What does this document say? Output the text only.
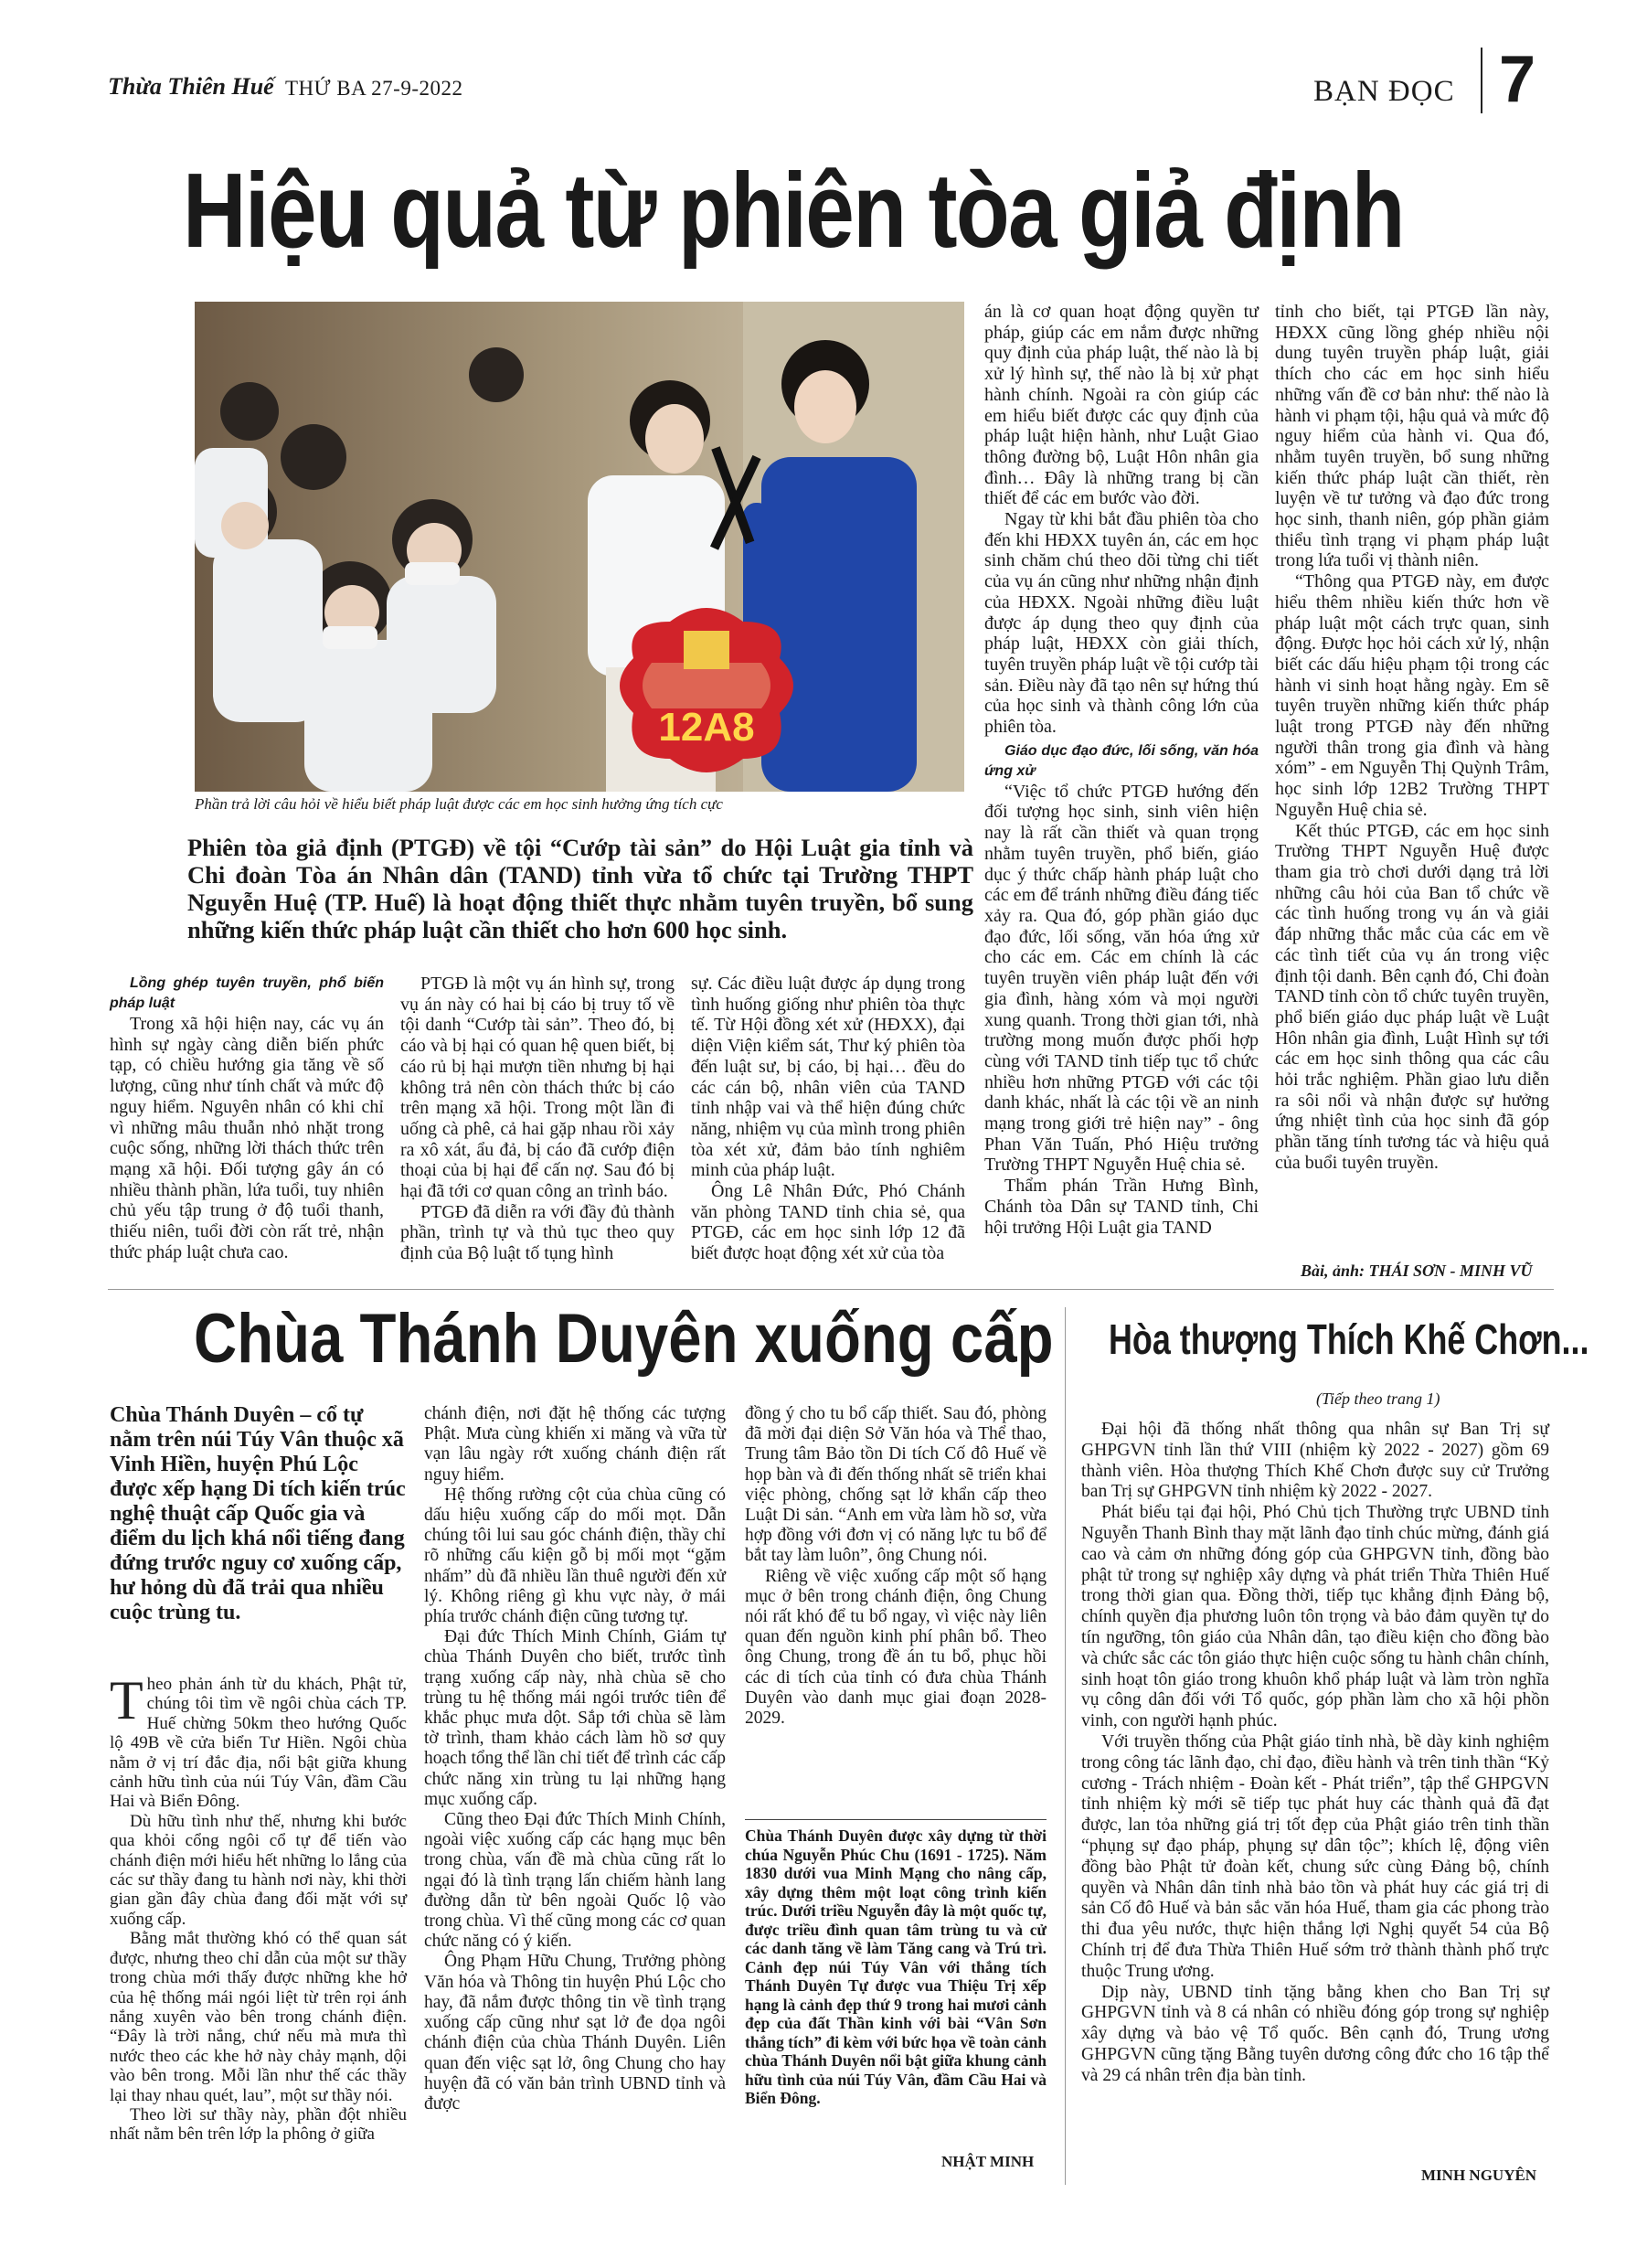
Thừa Thiên Huế THỨ BA 27-9-2022	BẠN ĐỌC 7
Hiệu quả từ phiên tòa giả định
12A8
Phần trả lời câu hỏi về hiểu biết pháp luật được các em học sinh hưởng ứng tích cực
Phiên tòa giả định (PTGĐ) về tội “Cướp tài sản” do Hội Luật gia tỉnh và Chi đoàn Tòa án Nhân dân (TAND) tỉnh vừa tổ chức tại Trường THPT Nguyễn Huệ (TP. Huế) là hoạt động thiết thực nhằm tuyên truyền, bổ sung những kiến thức pháp luật cần thiết cho hơn 600 học sinh.

Lồng ghép tuyên truyền, phổ biến pháp luật

Trong xã hội hiện nay, các vụ án hình sự ngày càng diễn biến phức tạp, có chiều hướng gia tăng về số lượng, cũng như tính chất và mức độ nguy hiểm. Nguyên nhân có khi chỉ vì những mâu thuẫn nhỏ nhặt trong cuộc sống, những lời thách thức trên mạng xã hội. Đối tượng gây án có nhiều thành phần, lứa tuổi, tuy nhiên chủ yếu tập trung ở độ tuổi thanh, thiếu niên, tuổi đời còn rất trẻ, nhận thức pháp luật chưa cao.

PTGĐ là một vụ án hình sự, trong vụ án này có hai bị cáo bị truy tố về tội danh “Cướp tài sản”. Theo đó, bị cáo và bị hại có quan hệ quen biết, bị cáo rủ bị hại mượn tiền nhưng bị hại không trả nên còn thách thức bị cáo trên mạng xã hội. Trong một lần đi uống cà phê, cả hai gặp nhau rồi xảy ra xô xát, ẩu đả, bị cáo đã cướp điện thoại của bị hại để cấn nợ. Sau đó bị hại đã tới cơ quan công an trình báo.

PTGĐ đã diễn ra với đầy đủ thành phần, trình tự và thủ tục theo quy định của Bộ luật tố tụng hình

sự. Các điều luật được áp dụng trong tình huống giống như phiên tòa thực tế. Từ Hội đồng xét xử (HĐXX), đại diện Viện kiểm sát, Thư ký phiên tòa đến luật sư, bị cáo, bị hại… đều do các cán bộ, nhân viên của TAND tỉnh nhập vai và thể hiện đúng chức năng, nhiệm vụ của mình trong phiên tòa xét xử, đảm bảo tính nghiêm minh của pháp luật.

Ông Lê Nhân Đức, Phó Chánh văn phòng TAND tỉnh chia sẻ, qua PTGĐ, các em học sinh lớp 12 đã biết được hoạt động xét xử của tòa

án là cơ quan hoạt động quyền tư pháp, giúp các em nắm được những quy định của pháp luật, thế nào là bị xử lý hình sự, thế nào là bị xử phạt hành chính. Ngoài ra còn giúp các em hiểu biết được các quy định của pháp luật hiện hành, như Luật Giao thông đường bộ, Luật Hôn nhân gia đình… Đây là những trang bị cần thiết để các em bước vào đời.

Ngay từ khi bắt đầu phiên tòa cho đến khi HĐXX tuyên án, các em học sinh chăm chú theo dõi từng chi tiết của vụ án cũng như những nhận định của HĐXX. Ngoài những điều luật được áp dụng theo quy định của pháp luật, HĐXX còn giải thích, tuyên truyền pháp luật về tội cướp tài sản. Điều này đã tạo nên sự hứng thú của học sinh và thành công lớn của phiên tòa.

Giáo dục đạo đức, lối sống, văn hóa ứng xử

“Việc tổ chức PTGĐ hướng đến đối tượng học sinh, sinh viên hiện nay là rất cần thiết và quan trọng nhằm tuyên truyền, phổ biến, giáo dục ý thức chấp hành pháp luật cho các em để tránh những điều đáng tiếc xảy ra. Qua đó, góp phần giáo dục đạo đức, lối sống, văn hóa ứng xử cho các em. Các em chính là các tuyên truyền viên pháp luật đến với gia đình, hàng xóm và mọi người xung quanh. Trong thời gian tới, nhà trường mong muốn được phối hợp cùng với TAND tỉnh tiếp tục tổ chức nhiều hơn những PTGĐ với các tội danh khác, nhất là các tội về an ninh mạng trong giới trẻ hiện nay” - ông Phan Văn Tuấn, Phó Hiệu trưởng Trường THPT Nguyễn Huệ chia sẻ.

Thẩm phán Trần Hưng Bình, Chánh tòa Dân sự TAND tỉnh, Chi hội trưởng Hội Luật gia TAND

tỉnh cho biết, tại PTGĐ lần này, HĐXX cũng lồng ghép nhiều nội dung tuyên truyền pháp luật, giải thích cho các em học sinh hiểu những vấn đề cơ bản như: thế nào là hành vi phạm tội, hậu quả và mức độ nguy hiểm của hành vi. Qua đó, nhằm tuyên truyền, bổ sung những kiến thức pháp luật cần thiết, rèn luyện về tư tưởng và đạo đức trong học sinh, thanh niên, góp phần giảm thiểu tình trạng vi phạm pháp luật trong lứa tuổi vị thành niên.

“Thông qua PTGĐ này, em được hiểu thêm nhiều kiến thức hơn về pháp luật một cách trực quan, sinh động. Được học hỏi cách xử lý, nhận biết các dấu hiệu phạm tội trong các hành vi sinh hoạt hằng ngày. Em sẽ tuyên truyền những kiến thức pháp luật trong PTGĐ này đến những người thân trong gia đình và hàng xóm” - em Nguyễn Thị Quỳnh Trâm, học sinh lớp 12B2 Trường THPT Nguyễn Huệ chia sẻ.

Kết thúc PTGĐ, các em học sinh Trường THPT Nguyễn Huệ được tham gia trò chơi dưới dạng trả lời những câu hỏi của Ban tổ chức về các tình huống trong vụ án và giải đáp những thắc mắc của các em về các tình tiết của vụ án trong việc định tội danh. Bên cạnh đó, Chi đoàn TAND tỉnh còn tổ chức tuyên truyền, phổ biến giáo dục pháp luật về Luật Hôn nhân gia đình, Luật Hình sự tới các em học sinh thông qua các câu hỏi trắc nghiệm. Phần giao lưu diễn ra sôi nổi và nhận được sự hưởng ứng nhiệt tình của học sinh đã góp phần tăng tính tương tác và hiệu quả của buổi tuyên truyền.

Bài, ảnh: THÁI SƠN - MINH VŨ
Chùa Thánh Duyên xuống cấp
Chùa Thánh Duyên – cổ tự nằm trên núi Túy Vân thuộc xã Vinh Hiền, huyện Phú Lộc được xếp hạng Di tích kiến trúc nghệ thuật cấp Quốc gia và điểm du lịch khá nổi tiếng đang đứng trước nguy cơ xuống cấp, hư hỏng dù đã trải qua nhiều cuộc trùng tu.

Theo phản ánh từ du khách, Phật tử, chúng tôi tìm về ngôi chùa cách TP. Huế chừng 50km theo hướng Quốc lộ 49B về cửa biển Tư Hiền. Ngôi chùa nằm ở vị trí đắc địa, nổi bật giữa khung cảnh hữu tình của núi Túy Vân, đầm Cầu Hai và Biển Đông.

Dù hữu tình như thế, nhưng khi bước qua khỏi cổng ngôi cổ tự để tiến vào chánh điện mới hiểu hết những lo lắng của các sư thầy đang tu hành nơi này, khi thời gian gần đây chùa đang đối mặt với sự xuống cấp.

Bằng mắt thường khó có thể quan sát được, nhưng theo chỉ dẫn của một sư thầy trong chùa mới thấy được những khe hở của hệ thống mái ngói liệt từ trên rọi ánh nắng xuyên vào bên trong chánh điện. “Đây là trời nắng, chứ nếu mà mưa thì nước theo các khe hở này chảy mạnh, dội vào bên trong. Mỗi lần như thế các thầy lại thay nhau quét, lau”, một sư thầy nói.

Theo lời sư thầy này, phần đột nhiều nhất nằm bên trên lớp la phông ở giữa

chánh điện, nơi đặt hệ thống các tượng Phật. Mưa cùng khiến xi măng và vữa từ vạn lâu ngày rớt xuống chánh điện rất nguy hiểm.

Hệ thống rường cột của chùa cũng có dấu hiệu xuống cấp do mối mọt. Dẫn chúng tôi lui sau góc chánh điện, thầy chỉ rõ những cấu kiện gỗ bị mối mọt “gặm nhấm” dù đã nhiều lần thuê người đến xử lý. Không riêng gì khu vực này, ở mái phía trước chánh điện cũng tương tự.

Đại đức Thích Minh Chính, Giám tự chùa Thánh Duyên cho biết, trước tình trạng xuống cấp này, nhà chùa sẽ cho trùng tu hệ thống mái ngói trước tiên để khắc phục mưa dột. Sắp tới chùa sẽ làm tờ trình, tham khảo cách làm hồ sơ quy hoạch tổng thể lần chỉ tiết để trình các cấp chức năng xin trùng tu lại những hạng mục xuống cấp.

Cũng theo Đại đức Thích Minh Chính, ngoài việc xuống cấp các hạng mục bên trong chùa, vấn đề mà chùa cũng rất lo ngại đó là tình trạng lấn chiếm hành lang đường dẫn từ bên ngoài Quốc lộ vào trong chùa. Vì thế cũng mong các cơ quan chức năng có ý kiến.

Ông Phạm Hữu Chung, Trưởng phòng Văn hóa và Thông tin huyện Phú Lộc cho hay, đã nắm được thông tin về tình trạng xuống cấp cũng như sạt lở đe dọa ngôi chánh điện của chùa Thánh Duyên. Liên quan đến việc sạt lở, ông Chung cho hay huyện đã có văn bản trình UBND tỉnh và được

đồng ý cho tu bổ cấp thiết. Sau đó, phòng đã mời đại diện Sở Văn hóa và Thể thao, Trung tâm Bảo tồn Di tích Cố đô Huế về họp bàn và đi đến thống nhất sẽ triển khai việc phòng, chống sạt lở khẩn cấp theo Luật Di sản. “Anh em vừa làm hồ sơ, vừa hợp đồng với đơn vị có năng lực tu bổ để bắt tay làm luôn”, ông Chung nói.

Riêng về việc xuống cấp một số hạng mục ở bên trong chánh điện, ông Chung nói rất khó để tu bổ ngay, vì việc này liên quan đến nguồn kinh phí phân bổ. Theo ông Chung, trong đề án tu bổ, phục hồi các di tích của tỉnh có đưa chùa Thánh Duyên vào danh mục giai đoạn 2028-2029.

Chùa Thánh Duyên được xây dựng từ thời chúa Nguyễn Phúc Chu (1691 - 1725). Năm 1830 dưới vua Minh Mạng cho nâng cấp, xây dựng thêm một loạt công trình kiến trúc. Dưới triều Nguyễn đây là một quốc tự, được triều đình quan tâm trùng tu và cử các danh tăng về làm Tăng cang và Trú trì. Cảnh đẹp núi Túy Vân với thắng tích Thánh Duyên Tự được vua Thiệu Trị xếp hạng là cảnh đẹp thứ 9 trong hai mươi cảnh đẹp của đất Thần kinh với bài “Vân Sơn thắng tích” đi kèm với bức họa về toàn cảnh chùa Thánh Duyên nổi bật giữa khung cảnh hữu tình của núi Túy Vân, đầm Cầu Hai và Biển Đông.
NHẬT MINH
Hòa thượng Thích Khế Chơn...
(Tiếp theo trang 1)

Đại hội đã thống nhất thông qua nhân sự Ban Trị sự GHPGVN tỉnh lần thứ VIII (nhiệm kỳ 2022 - 2027) gồm 69 thành viên. Hòa thượng Thích Khế Chơn được suy cử Trưởng ban Trị sự GHPGVN tỉnh nhiệm kỳ 2022 - 2027.

Phát biểu tại đại hội, Phó Chủ tịch Thường trực UBND tỉnh Nguyễn Thanh Bình thay mặt lãnh đạo tỉnh chúc mừng, đánh giá cao và cảm ơn những đóng góp của GHPGVN tỉnh, đồng bào phật tử trong sự nghiệp xây dựng và phát triển Thừa Thiên Huế trong thời gian qua. Đồng thời, tiếp tục khẳng định Đảng bộ, chính quyền địa phương luôn tôn trọng và bảo đảm quyền tự do tín ngưỡng, tôn giáo của Nhân dân, tạo điều kiện cho đồng bào và chức sắc các tôn giáo thực hiện cuộc sống tu hành chân chính, sinh hoạt tôn giáo trong khuôn khổ pháp luật và làm tròn nghĩa vụ công dân đối với Tổ quốc, góp phần làm cho xã hội phồn vinh, con người hạnh phúc.

Với truyền thống của Phật giáo tỉnh nhà, bề dày kinh nghiệm trong công tác lãnh đạo, chỉ đạo, điều hành và trên tinh thần “Kỷ cương - Trách nhiệm - Đoàn kết - Phát triển”, tập thể GHPGVN tỉnh nhiệm kỳ mới sẽ tiếp tục phát huy các thành quả đã đạt được, lan tỏa những giá trị tốt đẹp của Phật giáo trên tinh thần “phụng sự đạo pháp, phụng sự dân tộc”; khích lệ, động viên đồng bào Phật tử đoàn kết, chung sức cùng Đảng bộ, chính quyền và Nhân dân tỉnh nhà bảo tồn và phát huy các giá trị di sản Cố đô Huế và bản sắc văn hóa Huế, tham gia các phong trào thi đua yêu nước, thực hiện thắng lợi Nghị quyết 54 của Bộ Chính trị để đưa Thừa Thiên Huế sớm trở thành thành phố trực thuộc Trung ương.

Dịp này, UBND tỉnh tặng bằng khen cho Ban Trị sự GHPGVN tỉnh và 8 cá nhân có nhiều đóng góp trong sự nghiệp xây dựng và bảo vệ Tổ quốc. Bên cạnh đó, Trung ương GHPGVN cũng tặng Bằng tuyên dương công đức cho 16 tập thể và 29 cá nhân trên địa bàn tỉnh.

MINH NGUYÊN
